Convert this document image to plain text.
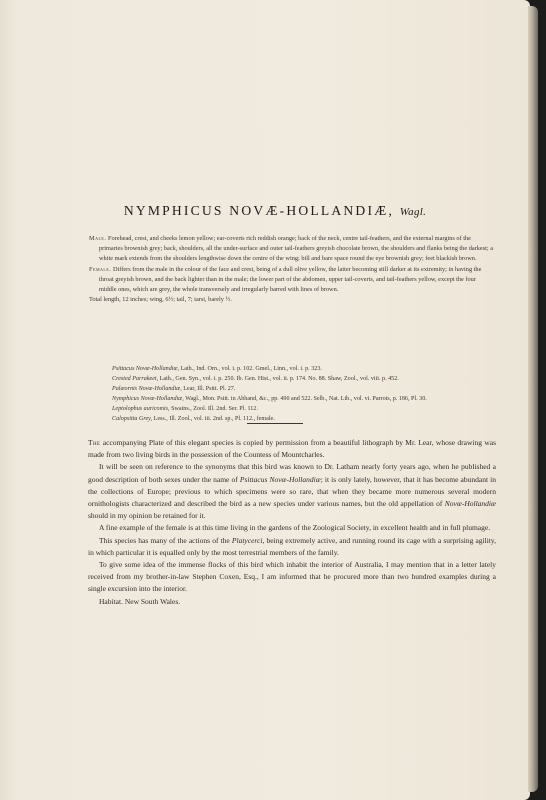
NYMPHICUS NOVÆ-HOLLANDIÆ, Wagl.

Male. Forehead, crest, and cheeks lemon yellow; ear-coverts rich reddish orange; back of the neck, centre tail-feathers, and the external margins of the primaries brownish grey; back, shoulders, all the under-surface and outer tail-feathers greyish chocolate brown, the shoulders and flanks being the darkest; a white mark extends from the shoulders lengthwise down the centre of the wing; bill and bare space round the eye brownish grey; feet blackish brown.

Female. Differs from the male in the colour of the face and crest, being of a dull olive yellow, the latter becoming still darker at its extremity; in having the throat greyish brown, and the back lighter than in the male; the lower part of the abdomen, upper tail-coverts, and tail-feathers yellow, except the four middle ones, which are grey, the whole transversely and irregularly barred with lines of brown.

Total length, 12 inches; wing, 6½; tail, 7; tarsi, barely ½.

Psittacus Novæ-Hollandiæ, Lath., Ind. Orn., vol. i. p. 102. Gmel., Linn., vol. i. p. 323.

Crested Parrakeet, Lath., Gen. Syn., vol. i. p. 250. Ib. Gen. Hist., vol. ii. p. 174. No. 88. Shaw, Zool., vol. viii. p. 452.

Palæornis Novæ-Hollandiæ, Lear, Ill. Psitt. Pl. 27.

Nymphicus Novæ-Hollandiæ, Wagl., Mon. Psitt. in Abhand, &c., pp. 490 and 522. Selb., Nat. Lib., vol. vi. Parrots, p. 186, Pl. 30.

Leptolophus auricomis, Swains., Zool. Ill. 2nd. Ser. Pl. 112.

Calopsitta Grey, Less., Ill. Zool., vol. iii. 2nd. sp., Pl. 112., female.

The accompanying Plate of this elegant species is copied by permission from a beautiful lithograph by Mr. Lear, whose drawing was made from two living birds in the possession of the Countess of Mountcharles.

It will be seen on reference to the synonyms that this bird was known to Dr. Latham nearly forty years ago, when he published a good description of both sexes under the name of Psittacus Novæ-Hollandiæ; it is only lately, however, that it has become abundant in the collections of Europe; previous to which specimens were so rare, that when they became more numerous several modern ornithologists characterized and described the bird as a new species under various names, but the old appellation of Novæ-Hollandiæ should in my opinion be retained for it.

A fine example of the female is at this time living in the gardens of the Zoological Society, in excellent health and in full plumage.

This species has many of the actions of the Platycerci, being extremely active, and running round its cage with a surprising agility, in which particular it is equalled only by the most terrestrial members of the family.

To give some idea of the immense flocks of this bird which inhabit the interior of Australia, I may mention that in a letter lately received from my brother-in-law Stephen Coxen, Esq., I am informed that he procured more than two hundred examples during a single excursion into the interior.

Habitat. New South Wales.
